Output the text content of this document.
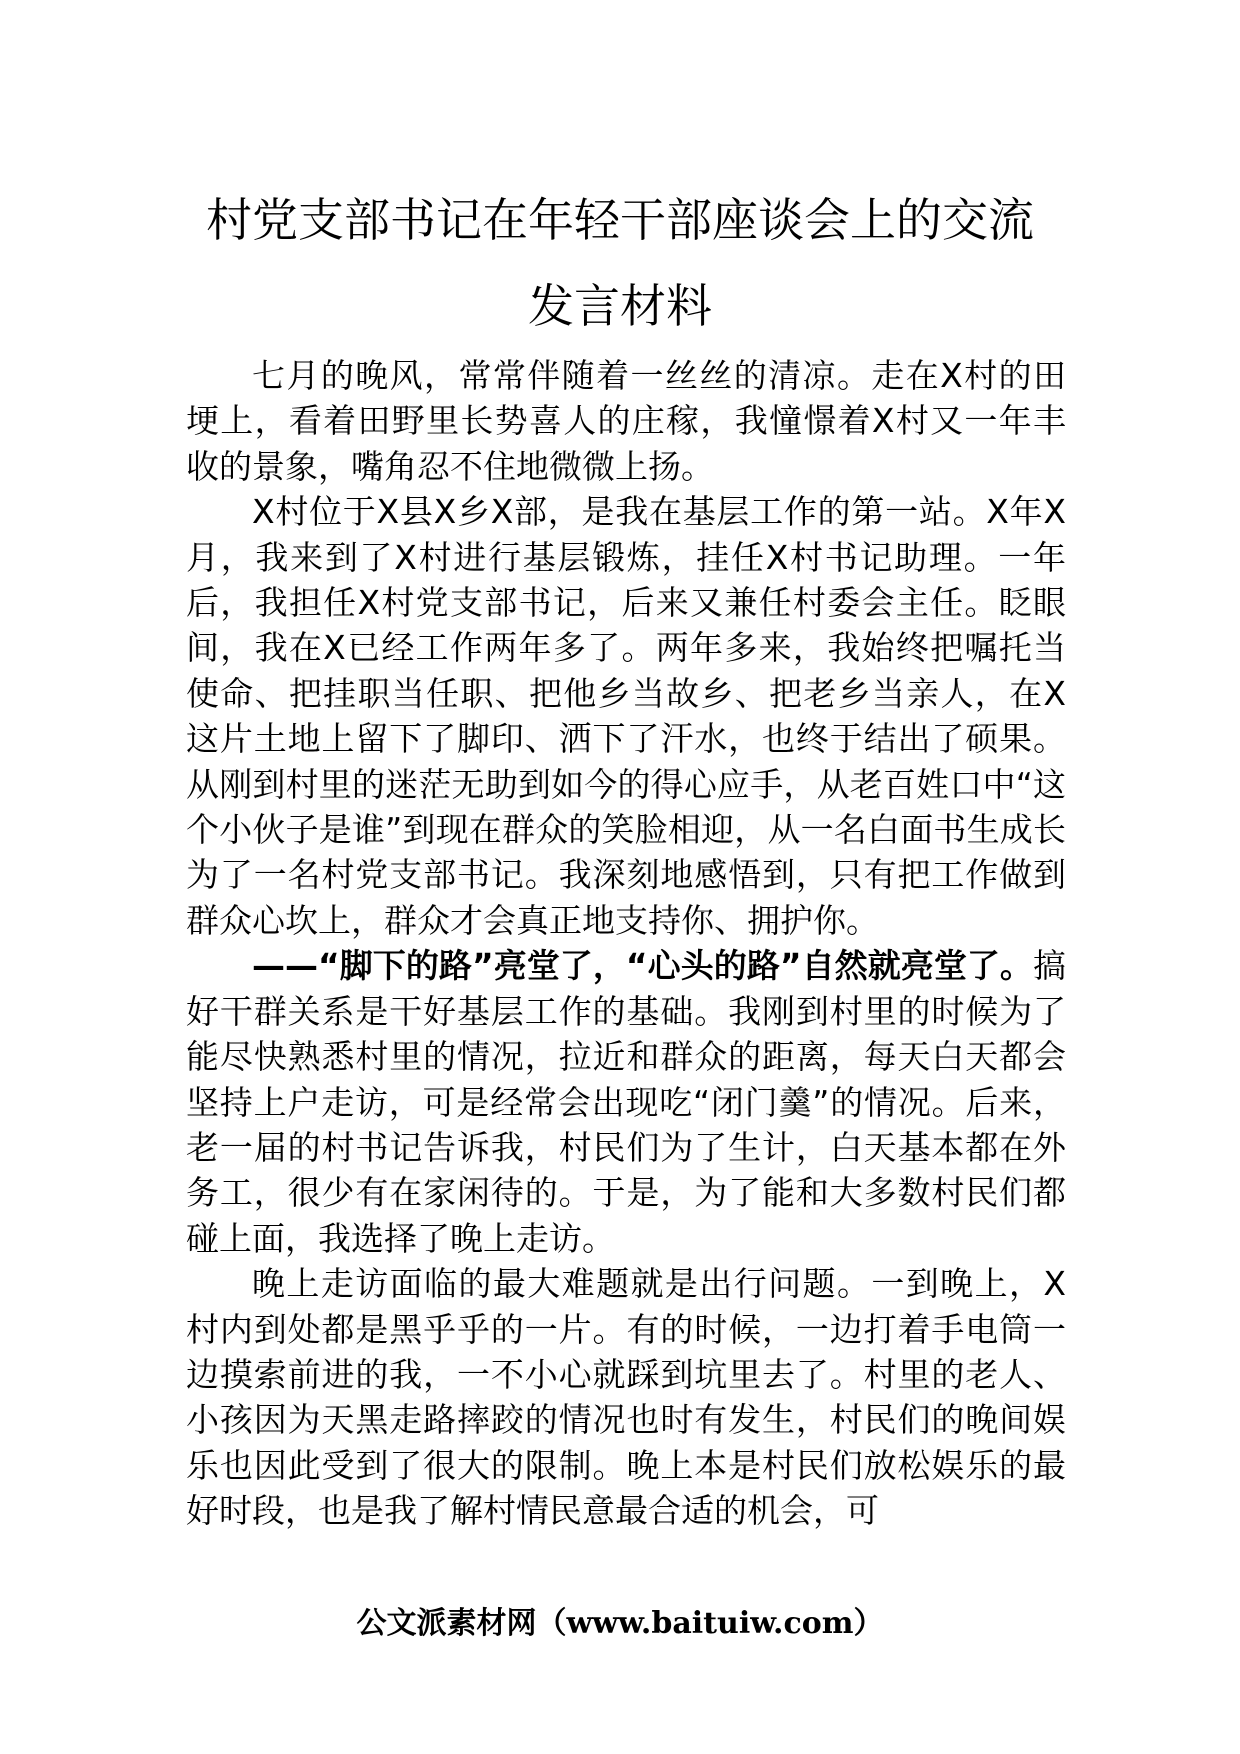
村党支部书记在年轻干部座谈会上的交流
发言材料

七月的晚风，常常伴随着一丝丝的清凉。走在X村的田埂上，看着田野里长势喜人的庄稼，我憧憬着X村又一年丰收的景象，嘴角忍不住地微微上扬。

X村位于X县X乡X部，是我在基层工作的第一站。X年X月，我来到了X村进行基层锻炼，挂任X村书记助理。一年后，我担任X村党支部书记，后来又兼任村委会主任。眨眼间，我在X已经工作两年多了。两年多来，我始终把嘱托当使命、把挂职当任职、把他乡当故乡、把老乡当亲人，在X这片土地上留下了脚印、洒下了汗水，也终于结出了硕果。从刚到村里的迷茫无助到如今的得心应手，从老百姓口中“这个小伙子是谁”到现在群众的笑脸相迎，从一名白面书生成长为了一名村党支部书记。我深刻地感悟到，只有把工作做到群众心坎上，群众才会真正地支持你、拥护你。

——“脚下的路”亮堂了，“心头的路”自然就亮堂了。搞好干群关系是干好基层工作的基础。我刚到村里的时候为了能尽快熟悉村里的情况，拉近和群众的距离，每天白天都会坚持上户走访，可是经常会出现吃“闭门羹”的情况。后来，老一届的村书记告诉我，村民们为了生计，白天基本都在外务工，很少有在家闲待的。于是，为了能和大多数村民们都碰上面，我选择了晚上走访。

晚上走访面临的最大难题就是出行问题。一到晚上，X村内到处都是黑乎乎的一片。有的时候，一边打着手电筒一边摸索前进的我，一不小心就踩到坑里去了。村里的老人、小孩因为天黑走路摔跤的情况也时有发生，村民们的晚间娱乐也因此受到了很大的限制。晚上本是村民们放松娱乐的最好时段，也是我了解村情民意最合适的机会，可

公文派素材网（www.baituiw.com）
